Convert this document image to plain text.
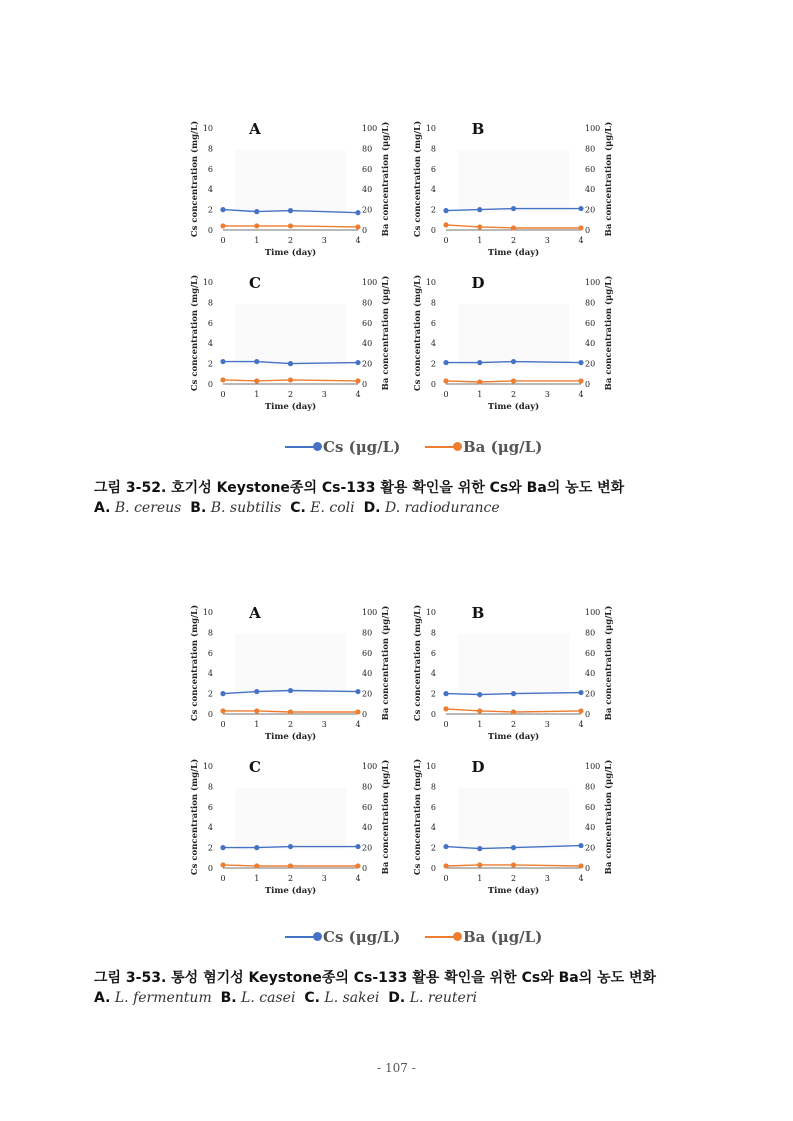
0
2
4
6
8
10
0
20
40
60
80
100
0	1	2	3	4
Time (day)
Cs concentration (mg/L)	Ba concentration (μg/L)
A
0
2
4
6
8
10
0
20
40
60
80
100
0	1	2	3	4
Time (day)
Cs concentration (mg/L)	Ba concentration (μg/L)
B
0
2
4
6
8
10
0
20
40
60
80
100
0	1	2	3	4
Time (day)
Cs concentration (mg/L)	Ba concentration (μg/L)
C
0
2
4
6
8
10
0
20
40
60
80
100
0	1	2	3	4
Time (day)
Cs concentration (mg/L)	Ba concentration (μg/L)
D
Cs (μg/L)	Ba (μg/L)
그림 3-52. 호기성 Keystone종의 Cs-133 활용 확인을 위한 Cs와 Ba의 농도 변화
A. B. cereus B. B. subtilis C. E. coli D. D. radiodurance
0
2
4
6
8
10
0
20
40
60
80
100
0	1	2	3	4
Time (day)
Cs concentration (mg/L)	Ba concentration (μg/L)
A
0
2
4
6
8
10
0
20
40
60
80
100
0	1	2	3	4
Time (day)
Cs concentration (mg/L)	Ba concentration (μg/L)
B
0
2
4
6
8
10
0
20
40
60
80
100
0	1	2	3	4
Time (day)
Cs concentration (mg/L)	Ba concentration (μg/L)
C
0
2
4
6
8
10
0
20
40
60
80
100
0	1	2	3	4
Time (day)
Cs concentration (mg/L)	Ba concentration (μg/L)
D
Cs (μg/L)	Ba (μg/L)
그림 3-53. 통성 혐기성 Keystone종의 Cs-133 활용 확인을 위한 Cs와 Ba의 농도 변화
A. L. fermentum B. L. casei C. L. sakei D. L. reuteri
- 107 -
